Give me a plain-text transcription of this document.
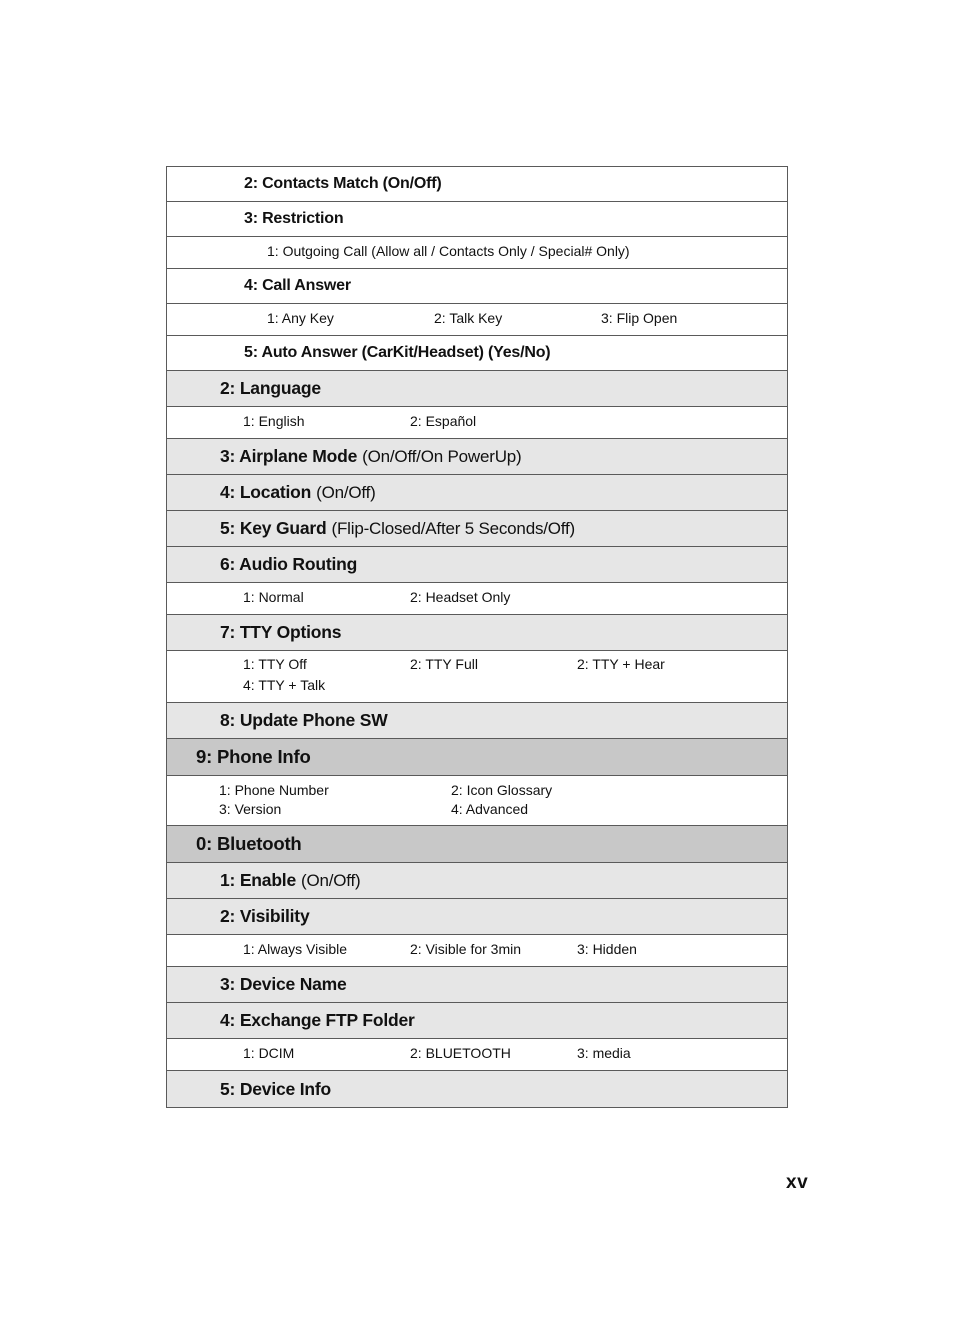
2: Contacts Match (On/Off)
3: Restriction
1: Outgoing Call (Allow all / Contacts Only / Special# Only)
4: Call Answer
1: Any Key	2: Talk Key	3: Flip Open
5: Auto Answer (CarKit/Headset) (Yes/No)
2: Language
1: English	2: Español
3: Airplane Mode (On/Off/On PowerUp)
4: Location (On/Off)
5: Key Guard (Flip-Closed/After 5 Seconds/Off)
6: Audio Routing
1: Normal	2: Headset Only
7: TTY Options
1: TTY Off	2: TTY Full	2: TTY + Hear
4: TTY + Talk
8: Update Phone SW
9: Phone Info
1: Phone Number	2: Icon Glossary
3: Version	4: Advanced
0: Bluetooth
1: Enable (On/Off)
2: Visibility
1: Always Visible	2: Visible for 3min	3: Hidden
3: Device Name
4: Exchange FTP Folder
1: DCIM	2: BLUETOOTH	3: media
5: Device Info
xv
